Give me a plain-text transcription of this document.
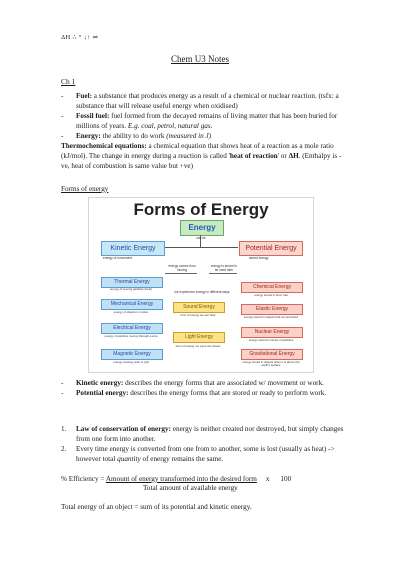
ΔH ∴ ° ↓↑ ⇌
Chem U3 Notes
Ch 1
- Fuel: a substance that produces energy as a result of a chemical or nuclear reaction. (tsfx: a substance that will release useful energy when oxidised)
- Fossil fuel: fuel formed from the decayed remains of living matter that has been buried for millions of years. E.g. coal, petrol, natural gas.
- Energy: the ability to do work (measured in J)
Thermochemical equations: a chemical equation that shows heat of a reaction as a mole ratio (kJ/mol). The change in energy during a reaction is called 'heat of reaction' or ΔH. (Enthalpy is -ve, heat of combustion is same value but +ve)
Forms of energy
Forms of Energy
Energy
can be
Kinetic Energy	Potential Energy
energy of movement	stored energy
energy comes from moving
energy is stored to be used later
we experience energy in different ways
Thermal Energy
energy of moving particles (heat)
Mechanical Energy
energy of objects in motion
Electrical Energy
energy of particles moving through a wire
Magnetic Energy
energy causing push or pull
Sound Energy
form of energy we can hear
Light Energy
form of energy our eyes can detect
Chemical Energy
energy stored in food, fuel
Elastic Energy
energy stored in objects that are stretched
Nuclear Energy
energy stored in centre of particles
Gravitational Energy
energy stored in objects when it is above the earth's surface
- Kinetic energy: describes the energy forms that are associated w/ movement or work.
- Potential energy: describes the energy forms that are stored or ready to perform work.
1. Law of conservation of energy: energy is neither created nor destroyed, but simply changes from one form into another.
2. Every time energy is converted from one from to another, some is lost (usually as heat) -> however total quantity of energy remains the same.
% Efficiency = Amount of energy transformed into the desired form x 100
Total amount of available energy
Total energy of an object = sum of its potential and kinetic energy.
